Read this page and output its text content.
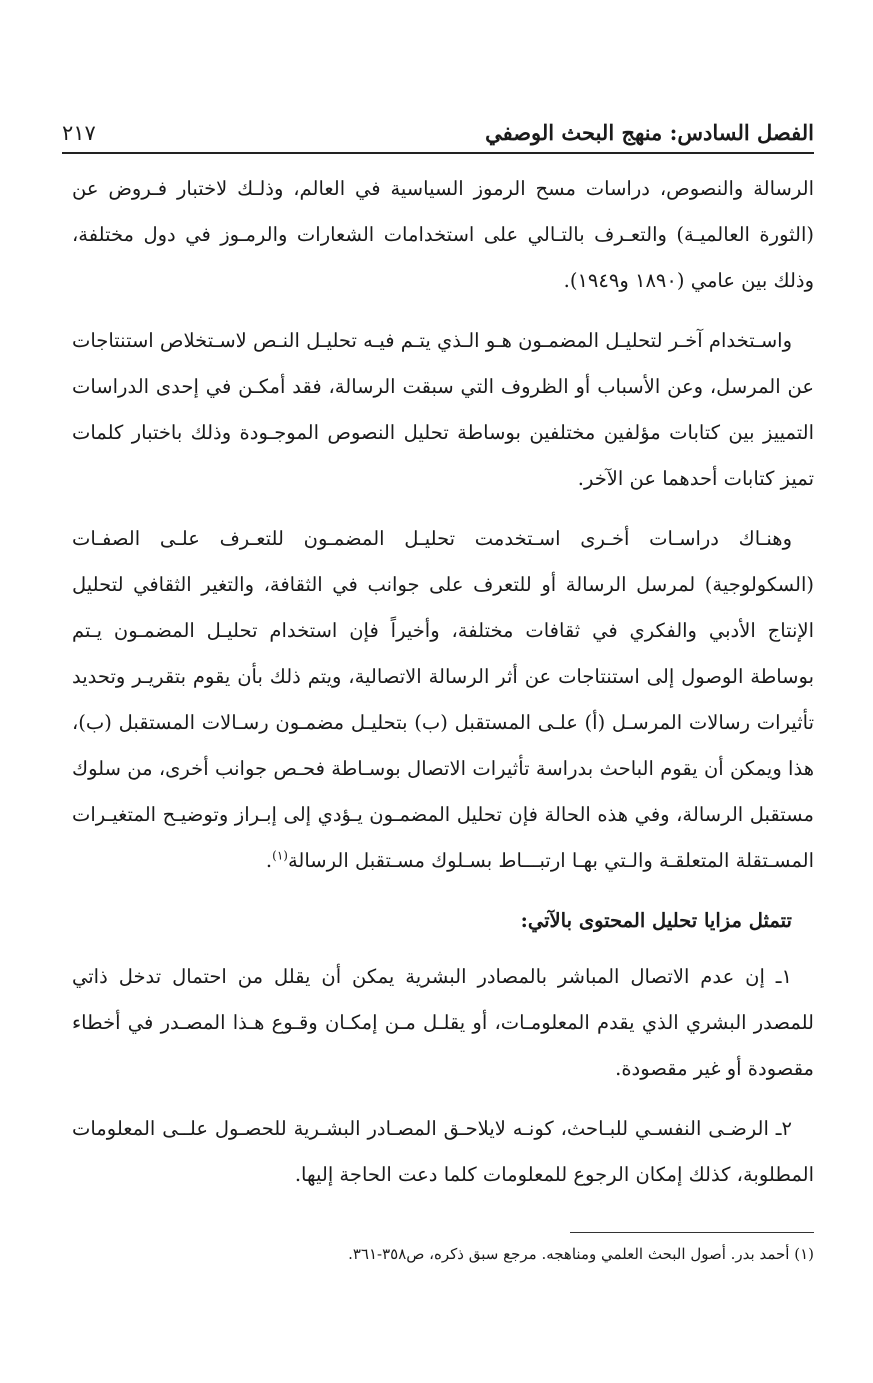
الفصل السادس: منهج البحث الوصفي
٢١٧

الرسالة والنصوص، دراسات مسح الرموز السياسية في العالم، وذلـك لاختبار فـروض عن (الثورة العالميـة) والتعـرف بالتـالي على استخدامات الشعارات والرمـوز في دول مختلفة، وذلك بين عامي (١٨٩٠ و١٩٤٩).

واسـتخدام آخـر لتحليـل المضمـون هـو الـذي يتـم فيـه تحليـل النـص لاسـتخلاص استنتاجات عن المرسل، وعن الأسباب أو الظروف التي سبقت الرسالة، فقد أمكـن في إحدى الدراسات التمييز بين كتابات مؤلفين مختلفين بوساطة تحليل النصوص الموجـودة وذلك باختبار كلمات تميز كتابات أحدهما عن الآخر.

وهنـاك دراسـات أخـرى اسـتخدمت تحليـل المضمـون للتعـرف علـى الصفـات (السكولوجية) لمرسل الرسالة أو للتعرف على جوانب في الثقافة، والتغير الثقافي لتحليل الإنتاج الأدبي والفكري في ثقافات مختلفة، وأخيراً فإن استخدام تحليـل المضمـون يـتم بوساطة الوصول إلى استنتاجات عن أثر الرسالة الاتصالية، ويتم ذلك بأن يقوم بتقريـر وتحديد تأثيرات رسالات المرسـل (أ) علـى المستقبل (ب) بتحليـل مضمـون رسـالات المستقبل (ب)، هذا ويمكن أن يقوم الباحث بدراسة تأثيرات الاتصال بوسـاطة فحـص جوانب أخرى، من سلوك مستقبل الرسالة، وفي هذه الحالة فإن تحليل المضمـون يـؤدي إلى إبـراز وتوضيـح المتغيـرات المسـتقلة المتعلقـة والـتي بهـا ارتبـــاط بسـلوك مسـتقبل الرسالة$^{(١)}$.

تتمثل مزايا تحليل المحتوى بالآتي:

١ـ إن عدم الاتصال المباشر بالمصادر البشرية يمكن أن يقلل من احتمال تدخل ذاتي للمصدر البشري الذي يقدم المعلومـات، أو يقلـل مـن إمكـان وقـوع هـذا المصـدر في أخطاء مقصودة أو غير مقصودة.

٢ـ الرضـى النفسـي للبـاحث، كونـه لايلاحـق المصـادر البشـرية للحصـول علــى المعلومات المطلوبة، كذلك إمكان الرجوع للمعلومات كلما دعت الحاجة إليها.

(١) أحمد بدر. أصول البحث العلمي ومناهجه. مرجع سبق ذكره، ص٣٥٨-٣٦١.
